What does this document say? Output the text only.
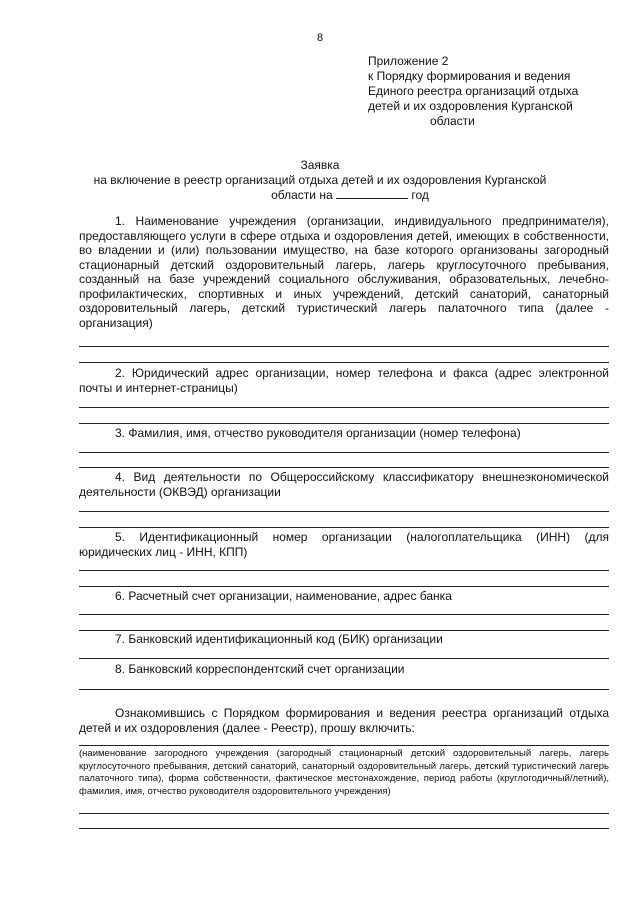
8
Приложение 2
к Порядку формирования и ведения
Единого реестра организаций отдыха
детей и их оздоровления Курганской
области
Заявка
на включение в реестр организаций отдыха детей и их оздоровления Курганской
области на	год

1. Наименование учреждения (организации, индивидуального предпринимателя), предоставляющего услуги в сфере отдыха и оздоровления детей, имеющих в собственности, во владении и (или) пользовании имущество, на базе которого организованы загородный стационарный детский оздоровительный лагерь, лагерь круглосуточного пребывания, созданный на базе учреждений социального обслуживания, образовательных, лечебно-профилактических, спортивных и иных учреждений, детский санаторий, санаторный оздоровительный лагерь, детский туристический лагерь палаточного типа (далее - организация)

2. Юридический адрес организации, номер телефона и факса (адрес электронной почты и интернет-страницы)

3. Фамилия, имя, отчество руководителя организации (номер телефона)

4. Вид деятельности по Общероссийскому классификатору внешнеэкономической деятельности (ОКВЭД) организации

5. Идентификационный номер организации (налогоплательщика (ИНН) (для юридических лиц - ИНН, КПП)

6. Расчетный счет организации, наименование, адрес банка

7. Банковский идентификационный код (БИК) организации

8. Банковский корреспондентский счет организации

Ознакомившись с Порядком формирования и ведения реестра организаций отдыха детей и их оздоровления (далее - Реестр), прошу включить:

(наименование загородного учреждения (загородный стационарный детский оздоровительный лагерь, лагерь круглосуточного пребывания, детский санаторий, санаторный оздоровительный лагерь, детский туристический лагерь палаточного типа), форма собственности, фактическое местонахождение, период работы (круглогодичный/летний), фамилия, имя, отчество руководителя оздоровительного учреждения)
